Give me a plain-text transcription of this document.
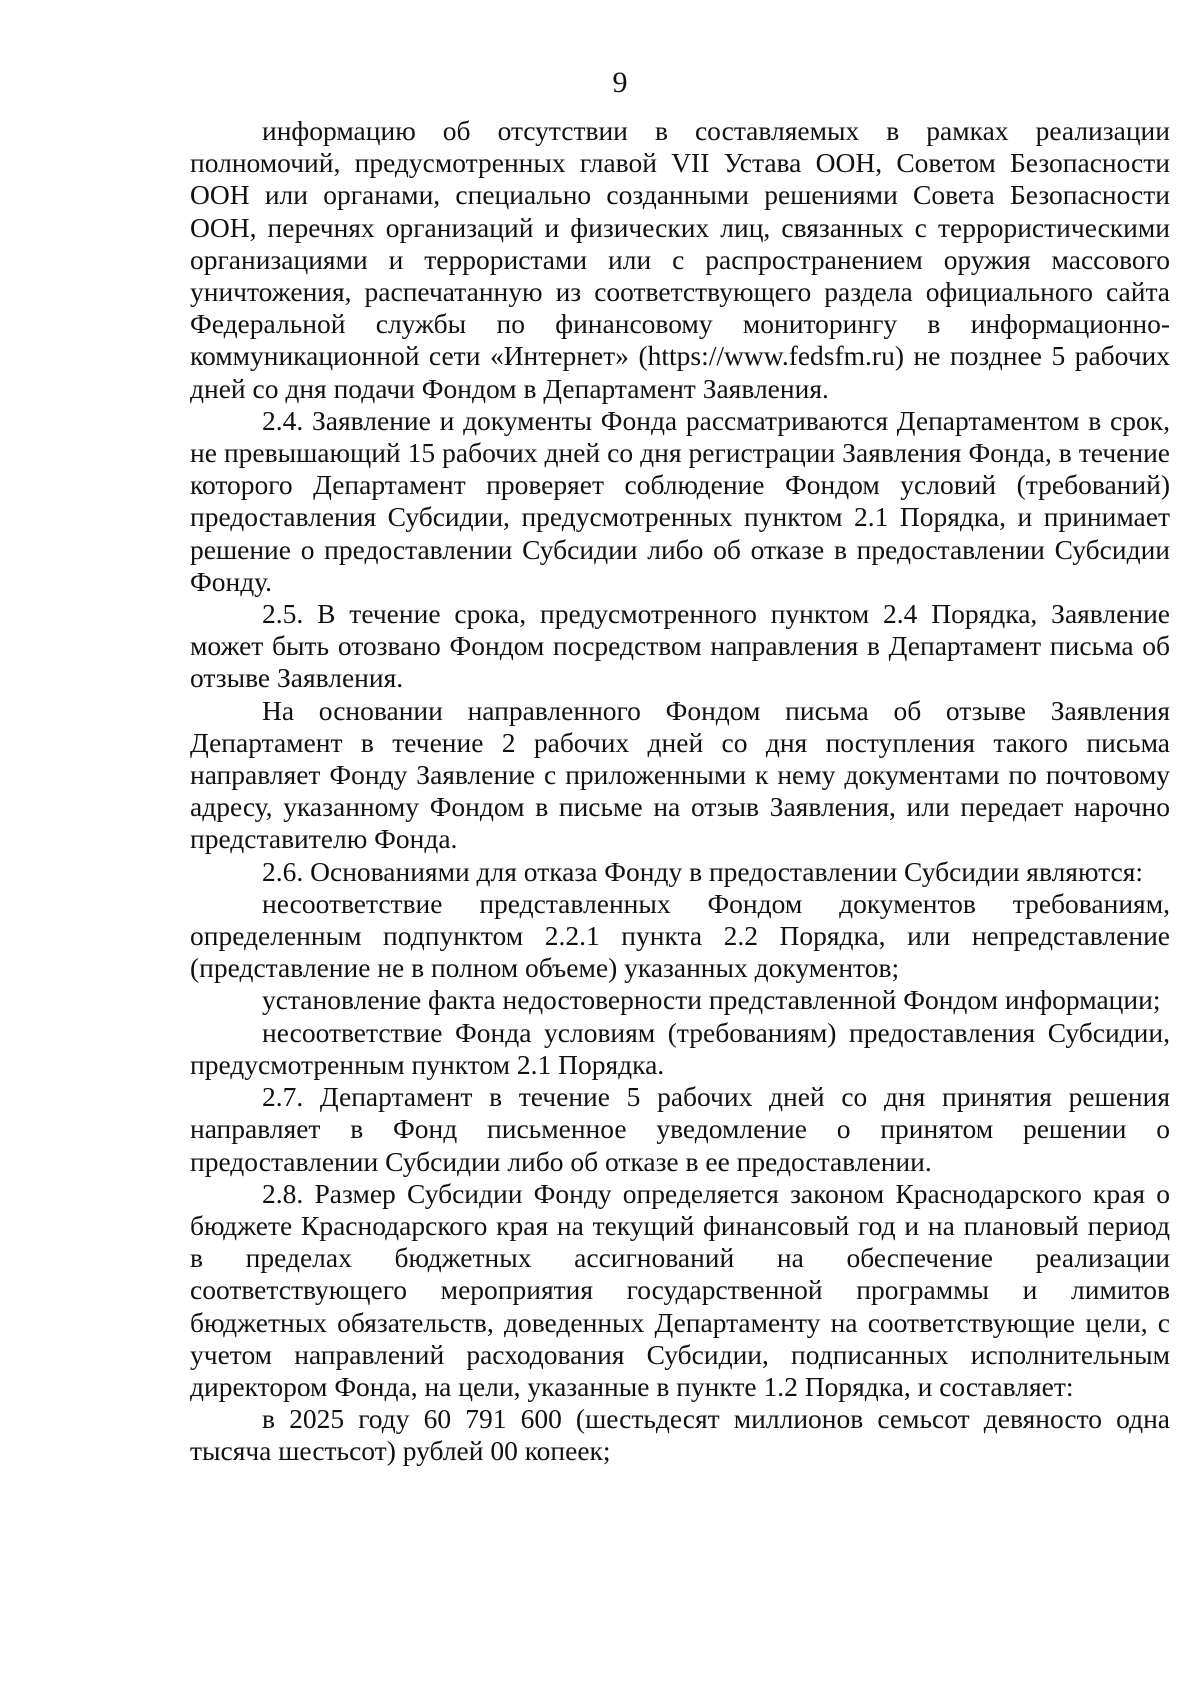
9

информацию об отсутствии в составляемых в рамках реализации полномочий, предусмотренных главой VII Устава ООН, Советом Безопасности ООН или органами, специально созданными решениями Совета Безопасности ООН, перечнях организаций и физических лиц, связанных с террористическими организациями и террористами или с распространением оружия массового уничтожения, распечатанную из соответствующего раздела официального сайта Федеральной службы по финансовому мониторингу в информационно-коммуникационной сети «Интернет» (https://www.fedsfm.ru) не позднее 5 рабочих дней со дня подачи Фондом в Департамент Заявления.

2.4. Заявление и документы Фонда рассматриваются Департаментом в срок, не превышающий 15 рабочих дней со дня регистрации Заявления Фонда, в течение которого Департамент проверяет соблюдение Фондом условий (требований) предоставления Субсидии, предусмотренных пунктом 2.1 Порядка, и принимает решение о предоставлении Субсидии либо об отказе в предоставлении Субсидии Фонду.

2.5. В течение срока, предусмотренного пунктом 2.4 Порядка, Заявление может быть отозвано Фондом посредством направления в Департамент письма об отзыве Заявления.

На основании направленного Фондом письма об отзыве Заявления Департамент в течение 2 рабочих дней со дня поступления такого письма направляет Фонду Заявление с приложенными к нему документами по почтовому адресу, указанному Фондом в письме на отзыв Заявления, или передает нарочно представителю Фонда.

2.6. Основаниями для отказа Фонду в предоставлении Субсидии являются:

несоответствие представленных Фондом документов требованиям, определенным подпунктом 2.2.1 пункта 2.2 Порядка, или непредставление (представление не в полном объеме) указанных документов;

установление факта недостоверности представленной Фондом информации;

несоответствие Фонда условиям (требованиям) предоставления Субсидии, предусмотренным пунктом 2.1 Порядка.

2.7. Департамент в течение 5 рабочих дней со дня принятия решения направляет в Фонд письменное уведомление о принятом решении о предоставлении Субсидии либо об отказе в ее предоставлении.

2.8. Размер Субсидии Фонду определяется законом Краснодарского края о бюджете Краснодарского края на текущий финансовый год и на плановый период в пределах бюджетных ассигнований на обеспечение реализации соответствующего мероприятия государственной программы и лимитов бюджетных обязательств, доведенных Департаменту на соответствующие цели, с учетом направлений расходования Субсидии, подписанных исполнительным директором Фонда, на цели, указанные в пункте 1.2 Порядка, и составляет:

в 2025 году 60 791 600 (шестьдесят миллионов семьсот девяносто одна тысяча шестьсот) рублей 00 копеек;
